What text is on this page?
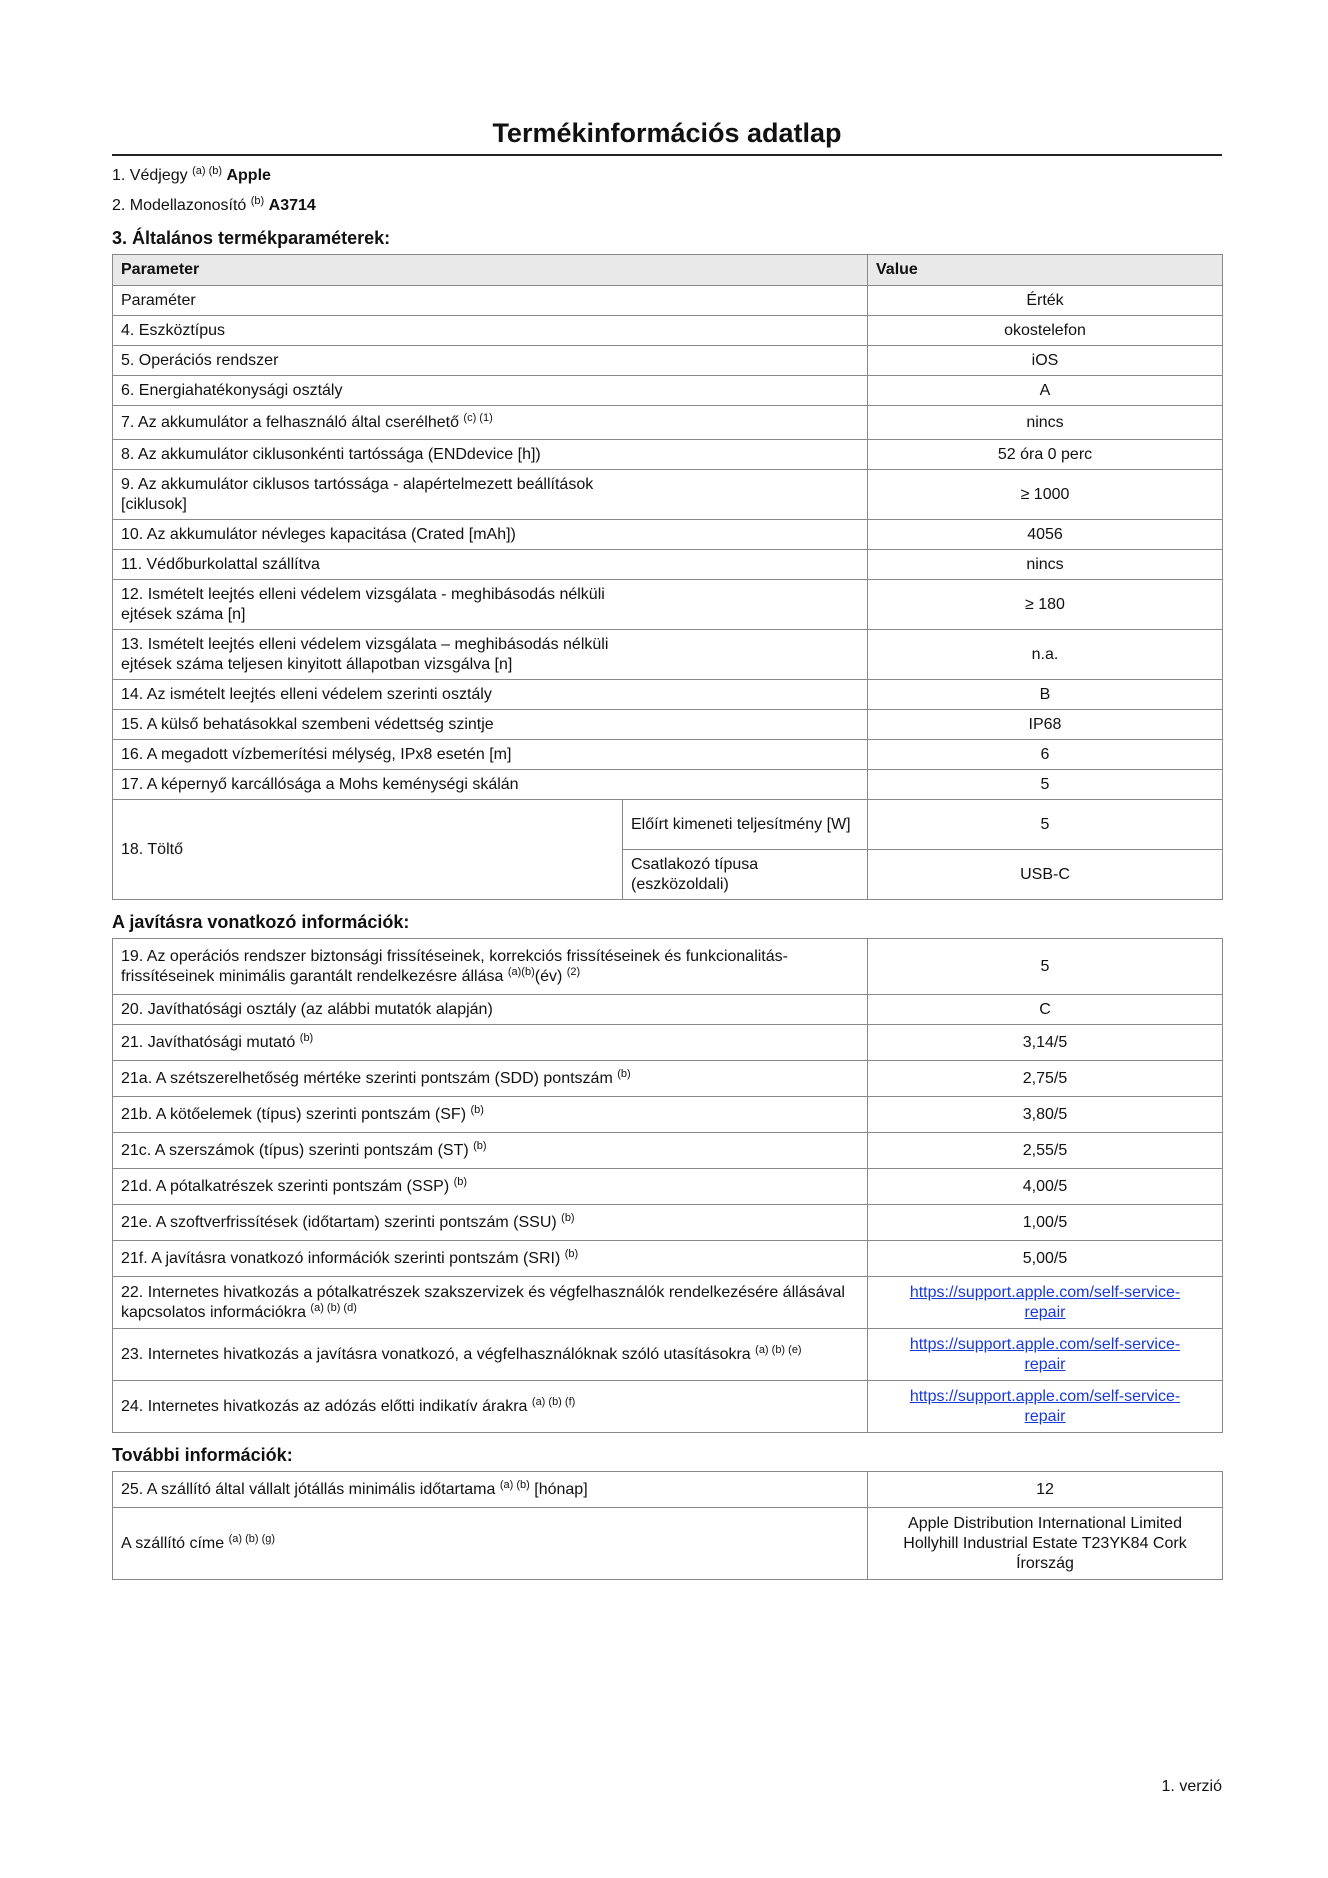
Termékinformációs adatlap
1. Védjegy $^{(a) (b)}$ Apple
2. Modellazonosító $^{(b)}$ A3714
3. Általános termékparaméterek:
Parameter		Value
Paraméter		Érték
4. Eszköztípus		okostelefon
5. Operációs rendszer		iOS
6. Energiahatékonysági osztály		A
7. Az akkumulátor a felhasználó által cserélhető $^{(c) (1)}$		nincs
8. Az akkumulátor ciklusonkénti tartóssága (ENDdevice [h])		52 óra 0 perc
9. Az akkumulátor ciklusos tartóssága - alapértelmezett beállítások [ciklusok]		≥ 1000
10. Az akkumulátor névleges kapacitása (Crated [mAh])		4056
11. Védőburkolattal szállítva		nincs
12. Ismételt leejtés elleni védelem vizsgálata - meghibásodás nélküli ejtések száma [n]		≥ 180
13. Ismételt leejtés elleni védelem vizsgálata – meghibásodás nélküli ejtések száma teljesen kinyitott állapotban vizsgálva [n]		n.a.
14. Az ismételt leejtés elleni védelem szerinti osztály		B
15. A külső behatásokkal szembeni védettség szintje		IP68
16. A megadott vízbemerítési mélység, IPx8 esetén [m]		6
17. A képernyő karcállósága a Mohs keménységi skálán		5
18. Töltő	Előírt kimeneti teljesítmény [W]	5
	Csatlakozó típusa (eszközoldali)	USB-C
A javításra vonatkozó információk:
19. Az operációs rendszer biztonsági frissítéseinek, korrekciós frissítéseinek és funkcionalitás-frissítéseinek minimális garantált rendelkezésre állása $^{(a)(b)}$(év) $^{(2)}$	5
20. Javíthatósági osztály (az alábbi mutatók alapján)	C
21. Javíthatósági mutató $^{(b)}$	3,14/5
21a. A szétszerelhetőség mértéke szerinti pontszám (SDD) pontszám $^{(b)}$	2,75/5
21b. A kötőelemek (típus) szerinti pontszám (SF) $^{(b)}$	3,80/5
21c. A szerszámok (típus) szerinti pontszám (ST) $^{(b)}$	2,55/5
21d. A pótalkatrészek szerinti pontszám (SSP) $^{(b)}$	4,00/5
21e. A szoftverfrissítések (időtartam) szerinti pontszám (SSU) $^{(b)}$	1,00/5
21f. A javításra vonatkozó információk szerinti pontszám (SRI) $^{(b)}$	5,00/5
22. Internetes hivatkozás a pótalkatrészek szakszervizek és végfelhasználók rendelkezésére állásával kapcsolatos információkra $^{(a) (b) (d)}$	https://support.apple.com/self-service-repair
23. Internetes hivatkozás a javításra vonatkozó, a végfelhasználóknak szóló utasításokra $^{(a) (b) (e)}$	https://support.apple.com/self-service-repair
24. Internetes hivatkozás az adózás előtti indikatív árakra $^{(a) (b) (f)}$	https://support.apple.com/self-service-repair
További információk:
25. A szállító által vállalt jótállás minimális időtartama $^{(a) (b)}$ [hónap]	12
A szállító címe $^{(a) (b) (g)}$	Apple Distribution International Limited
Hollyhill Industrial Estate T23YK84 Cork
Írország
1. verzió
